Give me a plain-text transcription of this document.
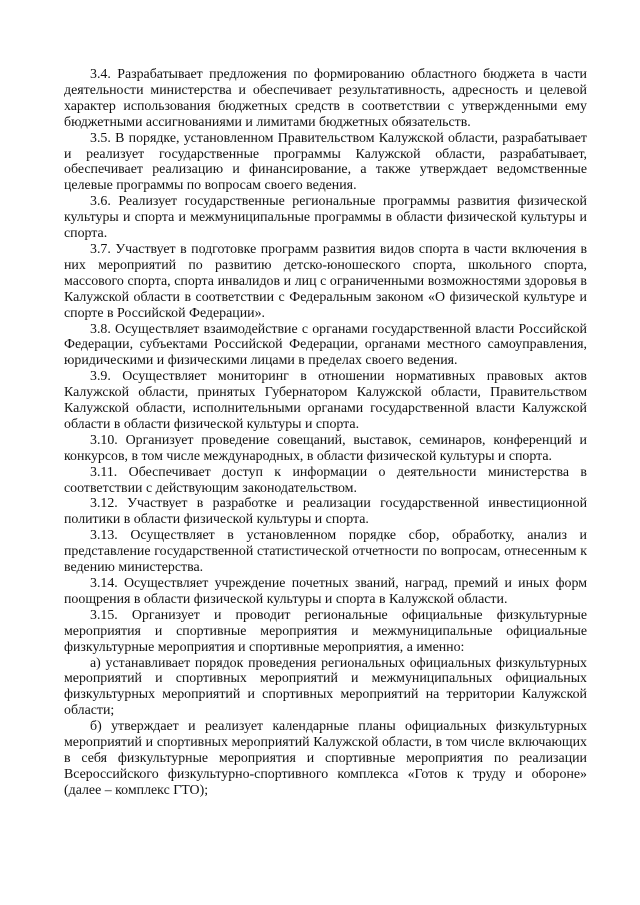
3.4. Разрабатывает предложения по формированию областного бюджета в части деятельности министерства и обеспечивает результативность, адресность и целевой характер использования бюджетных средств в соответствии с утвержденными ему бюджетными ассигнованиями и лимитами бюджетных обязательств.

3.5. В порядке, установленном Правительством Калужской области, разрабатывает и реализует государственные программы Калужской области, разрабатывает, обеспечивает реализацию и финансирование, а также утверждает ведомственные целевые программы по вопросам своего ведения.

3.6. Реализует государственные региональные программы развития физической культуры и спорта и межмуниципальные программы в области физической культуры и спорта.

3.7. Участвует в подготовке программ развития видов спорта в части включения в них мероприятий по развитию детско-юношеского спорта, школьного спорта, массового спорта, спорта инвалидов и лиц с ограниченными возможностями здоровья в Калужской области в соответствии с Федеральным законом «О физической культуре и спорте в Российской Федерации».

3.8. Осуществляет взаимодействие с органами государственной власти Российской Федерации, субъектами Российской Федерации, органами местного самоуправления, юридическими и физическими лицами в пределах своего ведения.

3.9. Осуществляет мониторинг в отношении нормативных правовых актов Калужской области, принятых Губернатором Калужской области, Правительством Калужской области, исполнительными органами государственной власти Калужской области в области физической культуры и спорта.

3.10. Организует проведение совещаний, выставок, семинаров, конференций и конкурсов, в том числе международных, в области физической культуры и спорта.

3.11. Обеспечивает доступ к информации о деятельности министерства в соответствии с действующим законодательством.

3.12. Участвует в разработке и реализации государственной инвестиционной политики в области физической культуры и спорта.

3.13. Осуществляет в установленном порядке сбор, обработку, анализ и представление государственной статистической отчетности по вопросам, отнесенным к ведению министерства.

3.14. Осуществляет учреждение почетных званий, наград, премий и иных форм поощрения в области физической культуры и спорта в Калужской области.

3.15. Организует и проводит региональные официальные физкультурные мероприятия и спортивные мероприятия и межмуниципальные официальные физкультурные мероприятия и спортивные мероприятия, а именно:

а) устанавливает порядок проведения региональных официальных физкультурных мероприятий и спортивных мероприятий и межмуниципальных официальных физкультурных мероприятий и спортивных мероприятий на территории Калужской области;

б) утверждает и реализует календарные планы официальных физкультурных мероприятий и спортивных мероприятий Калужской области, в том числе включающих в себя физкультурные мероприятия и спортивные мероприятия по реализации Всероссийского физкультурно-спортивного комплекса «Готов к труду и обороне» (далее – комплекс ГТО);
